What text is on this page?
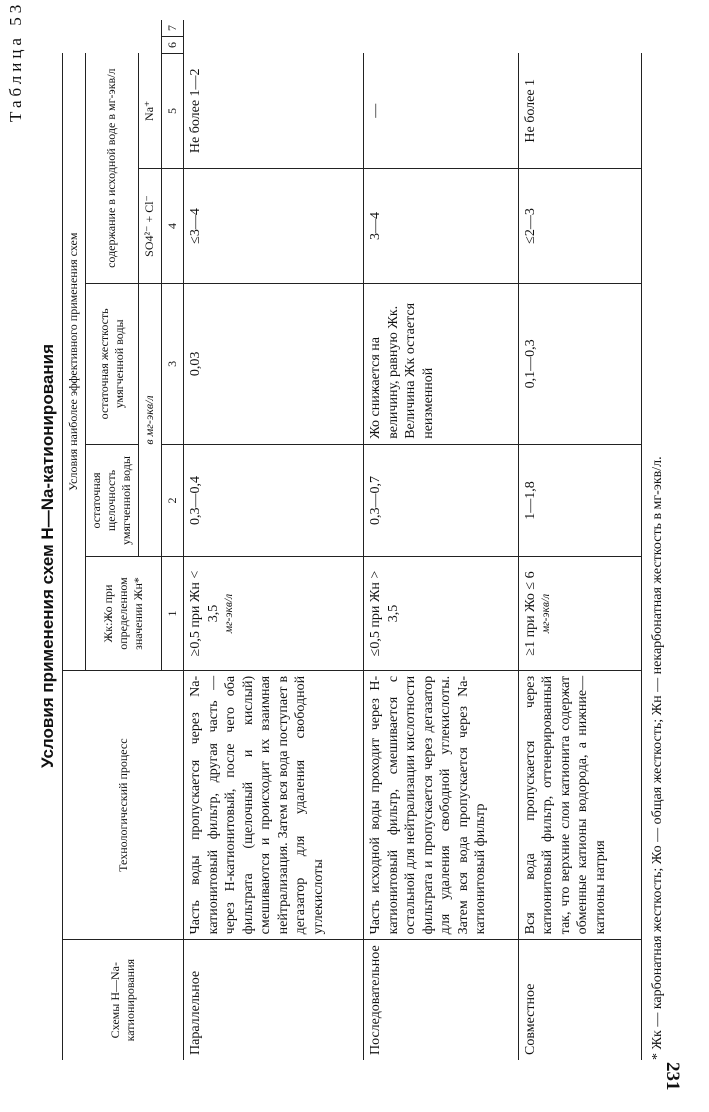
Таблица 53
Условия применения схем H—Na-катионирования
Схемы H—Na-катионирования	Технологический процесс	Условия наиболее эффективного применения схем						
		Жк:Жо при определенном значении Жн*	остаточная щелочность умягченной воды	остаточная жесткость умягченной воды	содержание в исходной воде в мг-экв/л			
			в мг-экв/л		SO4²⁻ + Cl⁻	Na⁺		
		1	2	3	4	5	6	7
Параллельное	Часть воды пропускается через Na-катионитовый фильтр, другая часть — через H-катионитовый, после чего оба фильтрата (щелочный и кислый) смешиваются и происходит их взаимная нейтрализация. Затем вся вода поступает в дегазатор для удаления свободной углекислоты	≥0,5 при Жн < 3,5 мг-экв/л	0,3—0,4	0,03	≤3—4	Не более 1—2		
Последовательное	Часть исходной воды проходит через H-катионитовый фильтр, смешивается с остальной для нейтрализации кислотности фильтрата и пропускается через дегазатор для удаления свободной углекислоты. Затем вся вода пропускается через Na-катионитовый фильтр	≤0,5 при Жн > 3,5	0,3—0,7	Жо снижается на величину, равную Жк. Величина Жк остается неизменной	3—4	—		
Совместное	Вся вода пропускается через катионитовый фильтр, оттенерированный так, что верхние слои катионита содержат обменные катионы водорода, а нижние—катионы натрия	≥1 при Жо ≤ 6 мг-экв/л	1—1,8	0,1—0,3	≤2—3	Не более 1		
* Жк — карбонатная жесткость; Жо — общая жесткость; Жн — некарбонатная жесткость в мг-экв/л.
231
